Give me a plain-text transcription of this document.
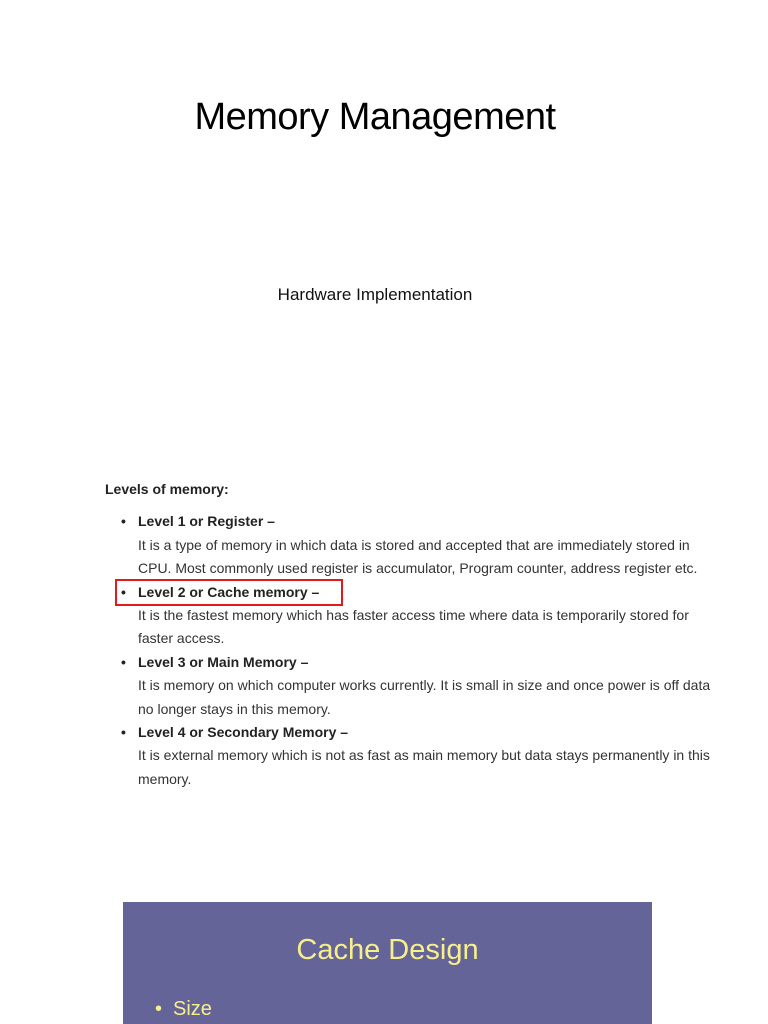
Memory Management
Hardware Implementation
Levels of memory:
• Level 1 or Register –
It is a type of memory in which data is stored and accepted that are immediately stored in CPU. Most commonly used register is accumulator, Program counter, address register etc.
• Level 2 or Cache memory –
It is the fastest memory which has faster access time where data is temporarily stored for faster access.
• Level 3 or Main Memory –
It is memory on which computer works currently. It is small in size and once power is off data no longer stays in this memory.
• Level 4 or Secondary Memory –
It is external memory which is not as fast as main memory but data stays permanently in this memory.
Cache Design
• Size
